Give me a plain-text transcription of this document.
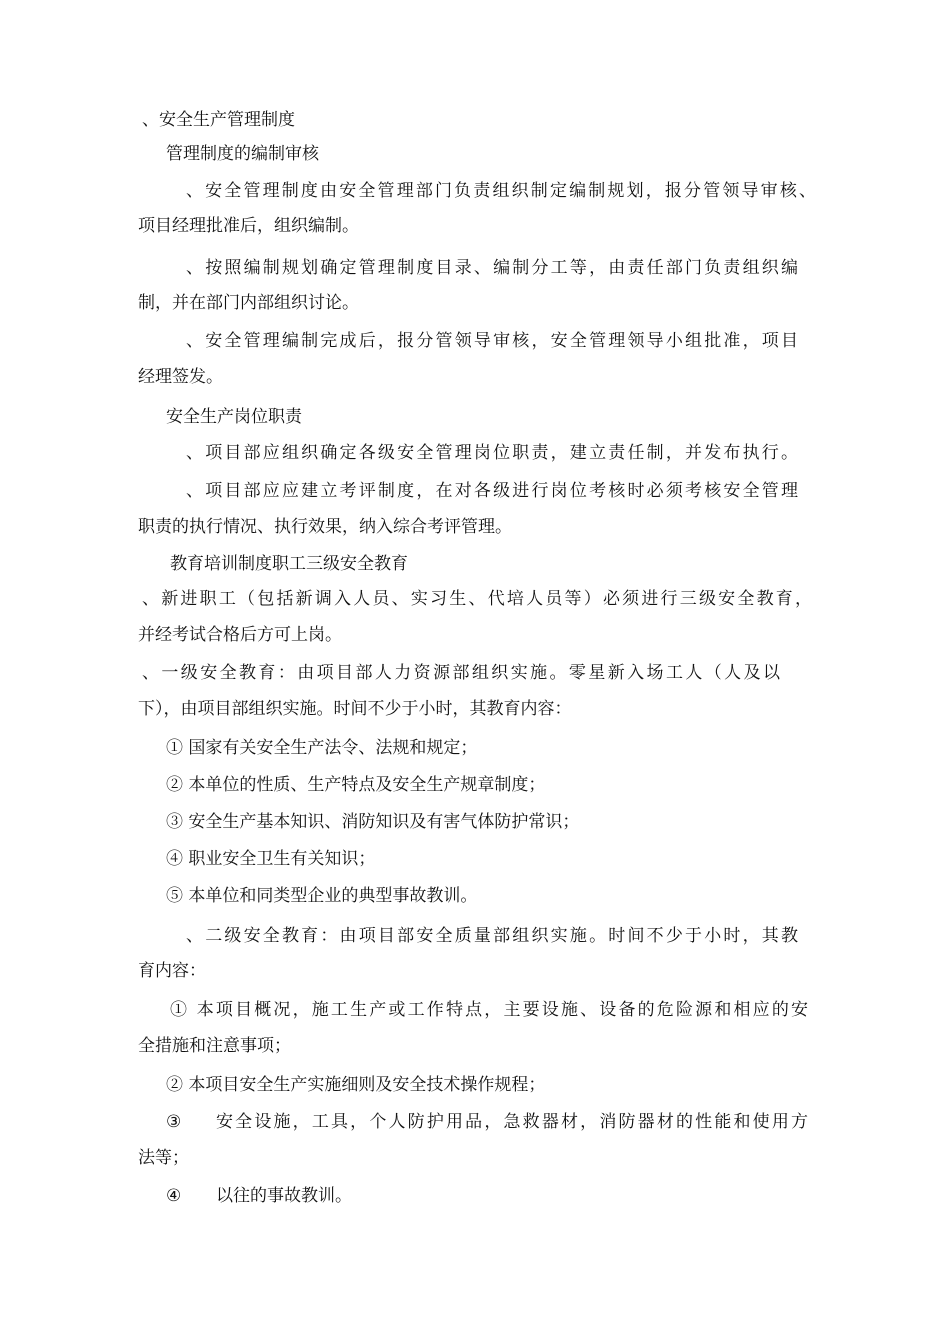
、安全生产管理制度
管理制度的编制审核
、安全管理制度由安全管理部门负责组织制定编制规划，报分管领导审核、
项目经理批准后，组织编制。
、按照编制规划确定管理制度目录、编制分工等，由责任部门负责组织编
制，并在部门内部组织讨论。
、安全管理编制完成后，报分管领导审核，安全管理领导小组批准，项目
经理签发。
安全生产岗位职责
、项目部应组织确定各级安全管理岗位职责，建立责任制，并发布执行。
、项目部应应建立考评制度，在对各级进行岗位考核时必须考核安全管理
职责的执行情况、执行效果，纳入综合考评管理。
教育培训制度职工三级安全教育
、新进职工（包括新调入人员、实习生、代培人员等）必须进行三级安全教育，
并经考试合格后方可上岗。
、一级安全教育：由项目部人力资源部组织实施。零星新入场工人（人及以
下），由项目部组织实施。时间不少于小时，其教育内容：
① 国家有关安全生产法令、法规和规定；
② 本单位的性质、生产特点及安全生产规章制度；
③ 安全生产基本知识、消防知识及有害气体防护常识；
④ 职业安全卫生有关知识；
⑤ 本单位和同类型企业的典型事故教训。
、二级安全教育：由项目部安全质量部组织实施。时间不少于小时，其教
育内容：
① 本项目概况，施工生产或工作特点，主要设施、设备的危险源和相应的安
全措施和注意事项；
② 本项目安全生产实施细则及安全技术操作规程；
③ 安全设施，工具，个人防护用品，急救器材，消防器材的性能和使用方
法等；
④ 以往的事故教训。
